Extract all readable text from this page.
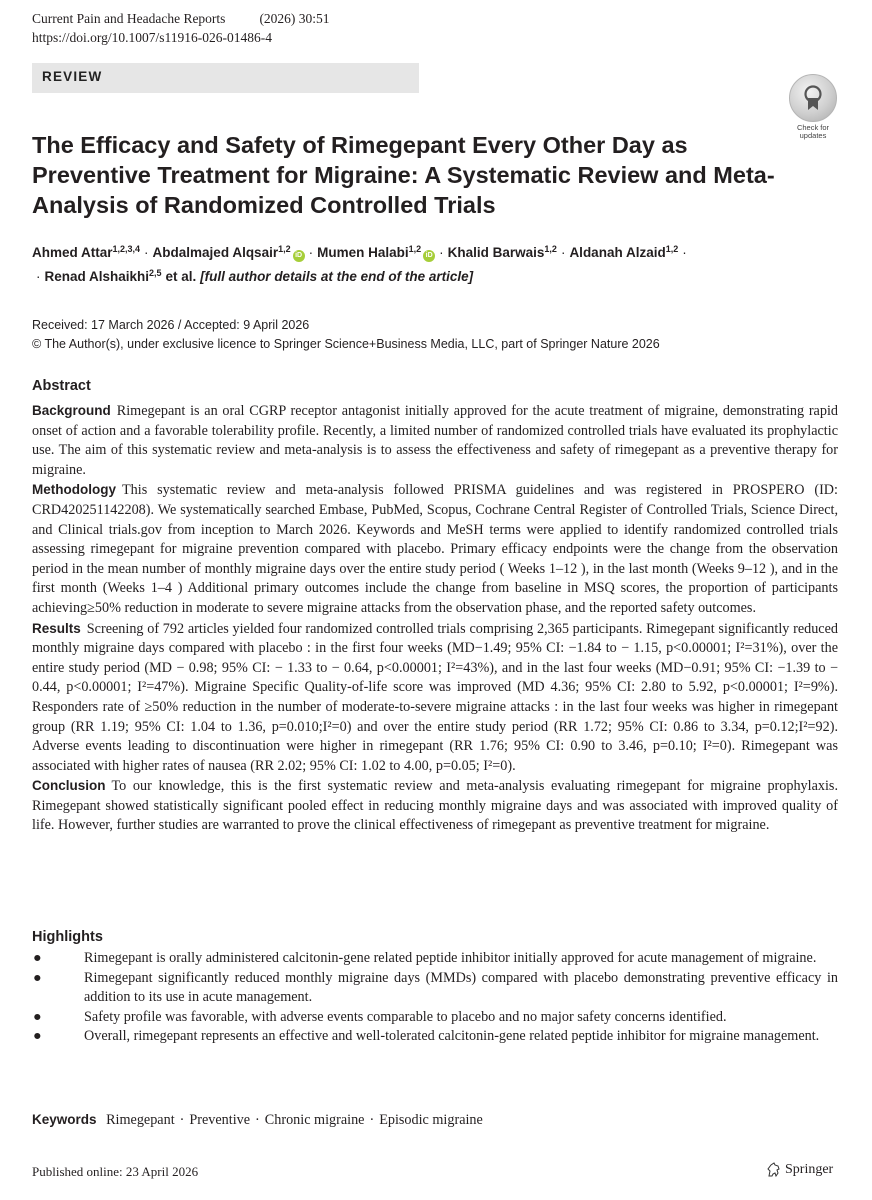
Current Pain and Headache Reports	(2026) 30:51
https://doi.org/10.1007/s11916-026-01486-4
REVIEW
Check for
updates
The Efficacy and Safety of Rimegepant Every Other Day as Preventive Treatment for Migraine: A Systematic Review and Meta-Analysis of Randomized Controlled Trials
Ahmed Attar$^{1,2,3,4}$ · Abdalmajed Alqsair$^{1,2}$iD · Mumen Halabi$^{1,2}$iD · Khalid Barwais$^{1,2}$ · Aldanah Alzaid$^{1,2}$ ·
· Renad Alshaikhi$^{2,5}$ et al. [full author details at the end of the article]
Received: 17 March 2026 / Accepted: 9 April 2026
© The Author(s), under exclusive licence to Springer Science+Business Media, LLC, part of Springer Nature 2026
Abstract

Background Rimegepant is an oral CGRP receptor antagonist initially approved for the acute treatment of migraine, demonstrating rapid onset of action and a favorable tolerability profile. Recently, a limited number of randomized controlled trials have evaluated its prophylactic use. The aim of this systematic review and meta-analysis is to assess the effectiveness and safety of rimegepant as a preventive therapy for migraine.

Methodology This systematic review and meta-analysis followed PRISMA guidelines and was registered in PROSPERO (ID: CRD420251142208). We systematically searched Embase, PubMed, Scopus, Cochrane Central Register of Controlled Trials, Science Direct, and Clinical trials.gov from inception to March 2026. Keywords and MeSH terms were applied to identify randomized controlled trials assessing rimegepant for migraine prevention compared with placebo. Primary efficacy endpoints were the change from the observation period in the mean number of monthly migraine days over the entire study period ( Weeks 1–12 ), in the last month (Weeks 9–12 ), and in the first month (Weeks 1–4 ) Additional primary outcomes include the change from baseline in MSQ scores, the proportion of participants achieving≥50% reduction in moderate to severe migraine attacks from the observation phase, and the reported safety outcomes.

Results Screening of 792 articles yielded four randomized controlled trials comprising 2,365 participants. Rimegepant significantly reduced monthly migraine days compared with placebo : in the first four weeks (MD−1.49; 95% CI: −1.84 to − 1.15, p<0.00001; I²=31%), over the entire study period (MD − 0.98; 95% CI: − 1.33 to − 0.64, p<0.00001; I²=43%), and in the last four weeks (MD−0.91; 95% CI: −1.39 to − 0.44, p<0.00001; I²=47%). Migraine Specific Quality-of-life score was improved (MD 4.36; 95% CI: 2.80 to 5.92, p<0.00001; I²=9%). Responders rate of ≥50% reduction in the number of moderate-to-severe migraine attacks : in the last four weeks was higher in rimegepant group (RR 1.19; 95% CI: 1.04 to 1.36, p=0.010;I²=0) and over the entire study period (RR 1.72; 95% CI: 0.86 to 3.34, p=0.12;I²=92). Adverse events leading to discontinuation were higher in rimegepant (RR 1.76; 95% CI: 0.90 to 3.46, p=0.10; I²=0). Rimegepant was associated with higher rates of nausea (RR 2.02; 95% CI: 1.02 to 4.00, p=0.05; I²=0).

Conclusion To our knowledge, this is the first systematic review and meta-analysis evaluating rimegepant for migraine prophylaxis. Rimegepant showed statistically significant pooled effect in reducing monthly migraine days and was associated with improved quality of life. However, further studies are warranted to prove the clinical effectiveness of rimegepant as preventive treatment for migraine.

Highlights
●	Rimegepant is orally administered calcitonin-gene related peptide inhibitor initially approved for acute management of migraine.
●	Rimegepant significantly reduced monthly migraine days (MMDs) compared with placebo demonstrating preventive efficacy in addition to its use in acute management.
●	Safety profile was favorable, with adverse events comparable to placebo and no major safety concerns identified.
●	Overall, rimegepant represents an effective and well-tolerated calcitonin-gene related peptide inhibitor for migraine management.
Keywords Rimegepant · Preventive · Chronic migraine · Episodic migraine
Published online: 23 April 2026	Springer
